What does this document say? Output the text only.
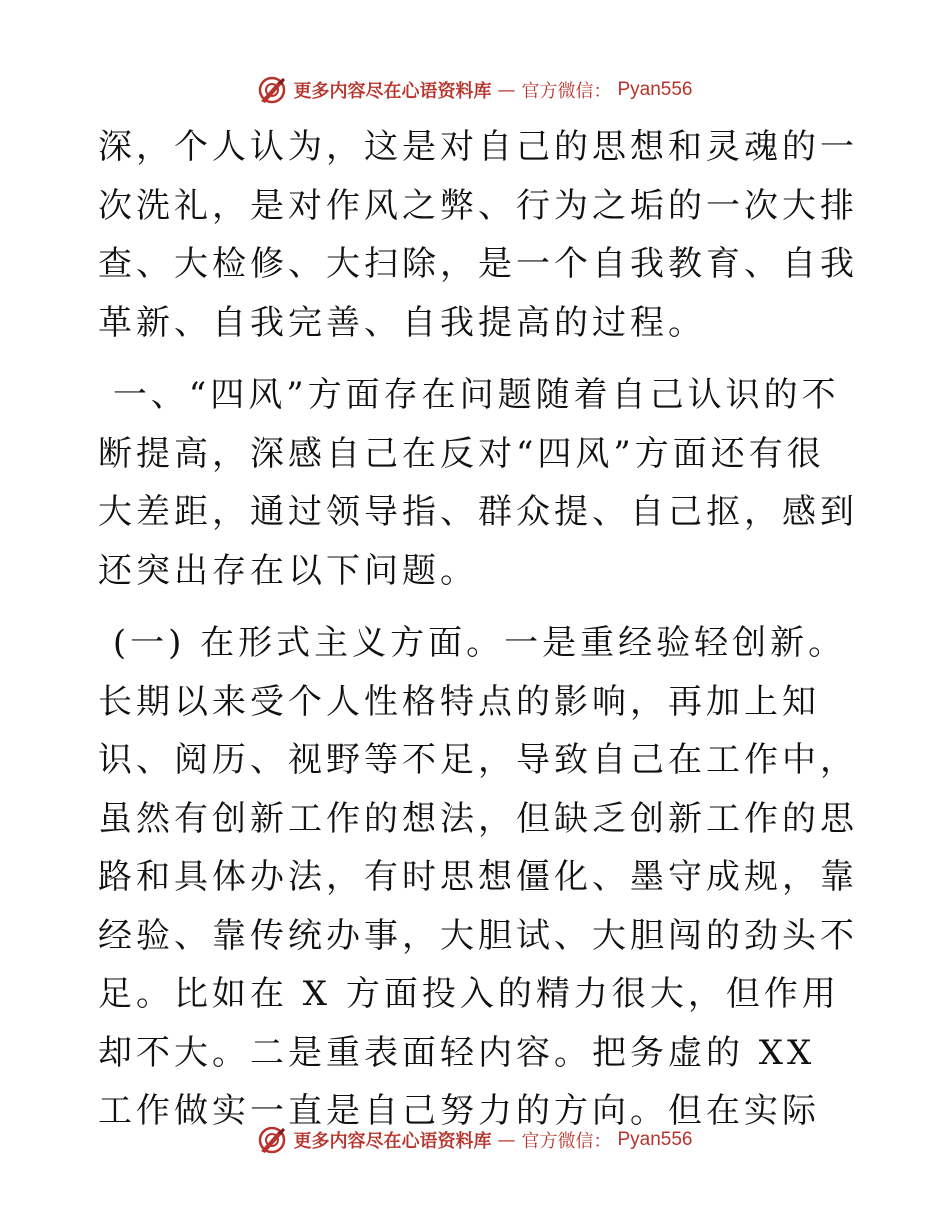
更多内容尽在心语资料库 — 官方微信： Pyan556

深，个人认为，这是对自己的思想和灵魂的一次洗礼，是对作风之弊、行为之垢的一次大排查、大检修、大扫除，是一个自我教育、自我革新、自我完善、自我提高的过程。

一、“四风”方面存在问题随着自己认识的不断提高，深感自己在反对“四风”方面还有很大差距，通过领导指、群众提、自己抠，感到还突出存在以下问题。

(一) 在形式主义方面。一是重经验轻创新。长期以来受个人性格特点的影响，再加上知识、阅历、视野等不足，导致自己在工作中，虽然有创新工作的想法，但缺乏创新工作的思路和具体办法，有时思想僵化、墨守成规，靠经验、靠传统办事，大胆试、大胆闯的劲头不足。比如在 X 方面投入的精力很大，但作用却不大。二是重表面轻内容。把务虚的 XX 工作做实一直是自己努力的方向。但在实际

更多内容尽在心语资料库 — 官方微信： Pyan556
